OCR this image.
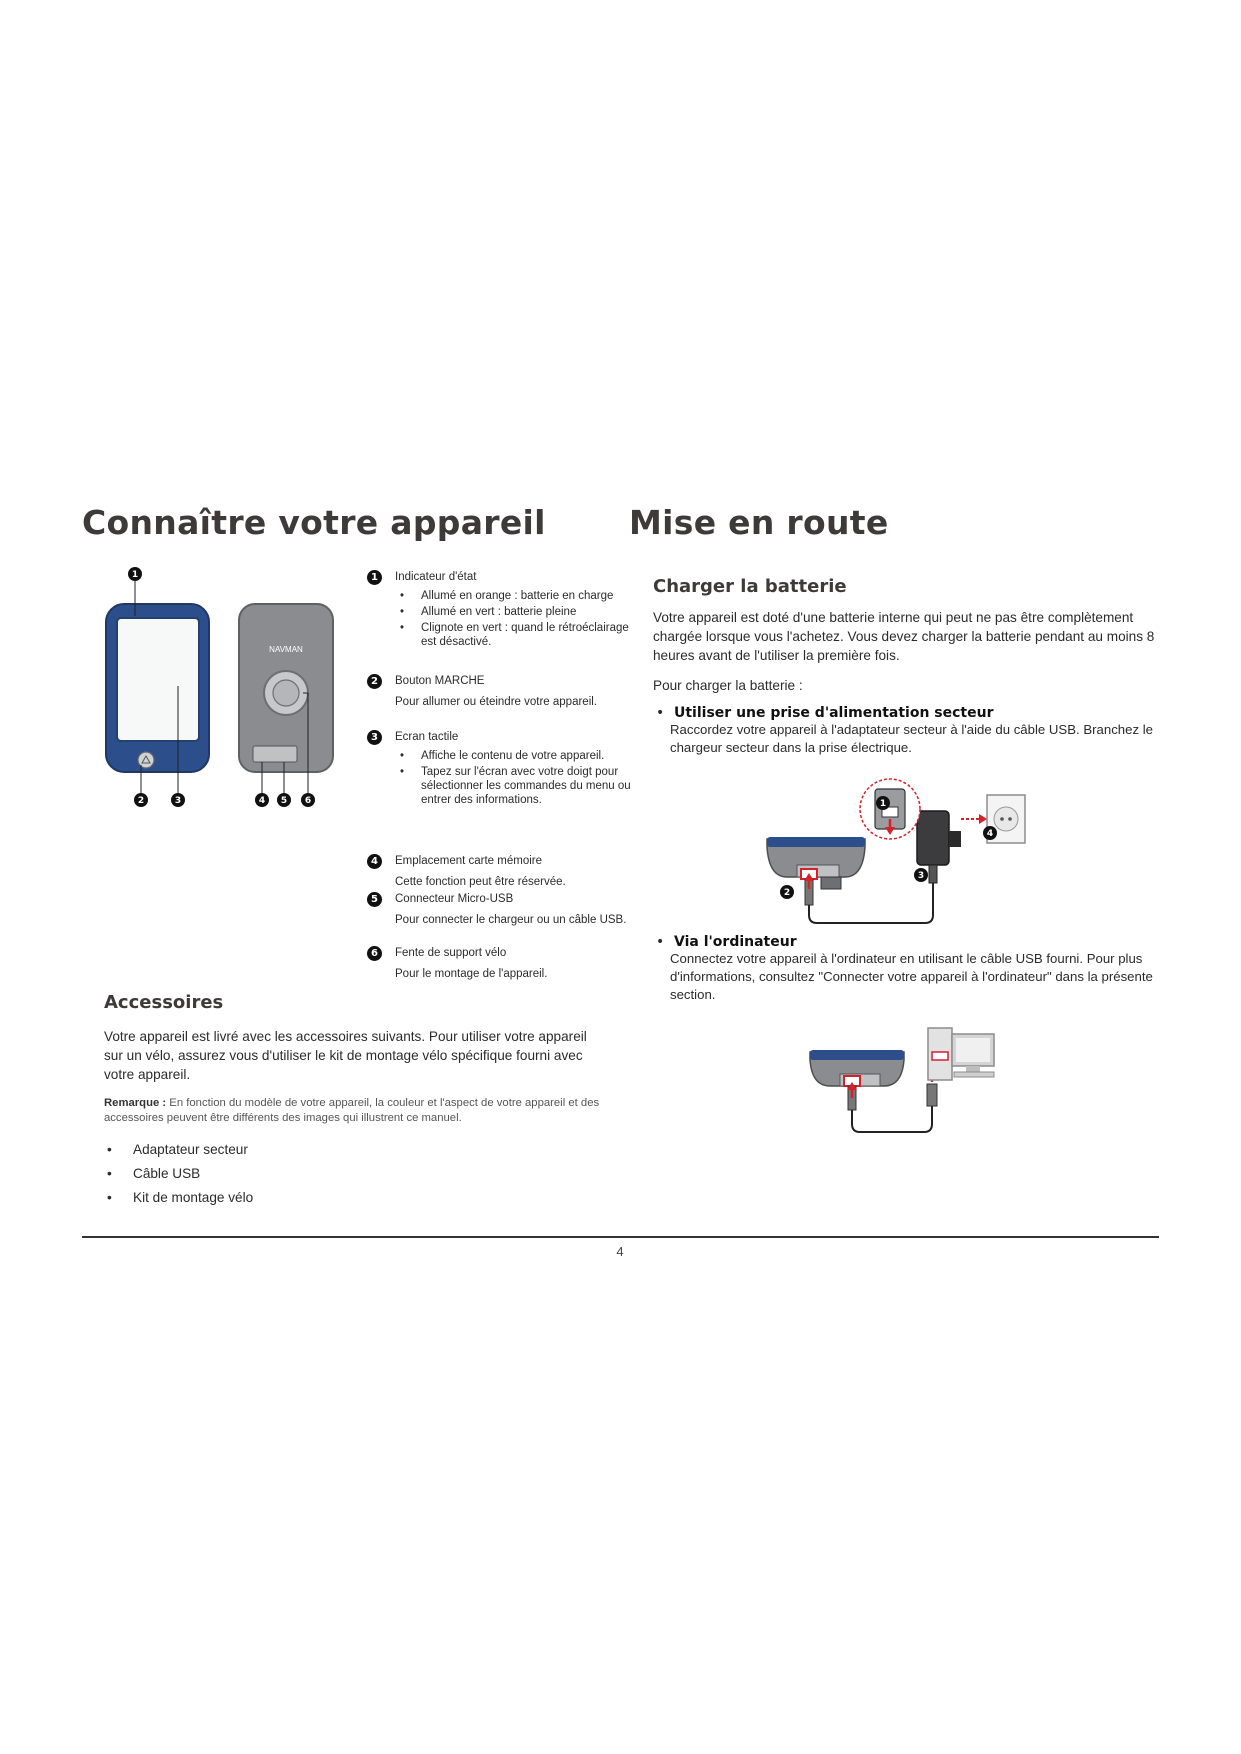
Connaître votre appareil
NAVMAN
1
2	3	4 5 6
1	Indicateur d'état
• Allumé en orange : batterie en charge
• Allumé en vert : batterie pleine
• Clignote en vert : quand le rétroéclairage est désactivé.
2	Bouton MARCHE
Pour allumer ou éteindre votre appareil.
3	Ecran tactile
• Affiche le contenu de votre appareil.
• Tapez sur l'écran avec votre doigt pour sélectionner les commandes du menu ou entrer des informations.
4	Emplacement carte mémoire
Cette fonction peut être réservée.
5	Connecteur Micro-USB
Pour connecter le chargeur ou un câble USB.
6	Fente de support vélo
Pour le montage de l'appareil.
Accessoires

Votre appareil est livré avec les accessoires suivants. Pour utiliser votre appareil sur un vélo, assurez vous d'utiliser le kit de montage vélo spécifique fourni avec votre appareil.

Remarque : En fonction du modèle de votre appareil, la couleur et l'aspect de votre appareil et des accessoires peuvent être différents des images qui illustrent ce manuel.
• Adaptateur secteur
• Câble USB
• Kit de montage vélo
Mise en route
Charger la batterie

Votre appareil est doté d'une batterie interne qui peut ne pas être complètement chargée lorsque vous l'achetez. Vous devez charger la batterie pendant au moins 8 heures avant de l'utiliser la première fois.

Pour charger la batterie :

• Utiliser une prise d'alimentation secteur

Raccordez votre appareil à l'adaptateur secteur à l'aide du câble USB. Branchez le chargeur secteur dans la prise électrique.

1
2
3
4
• Via l'ordinateur

Connectez votre appareil à l'ordinateur en utilisant le câble USB fourni. Pour plus d'informations, consultez "Connecter votre appareil à l'ordinateur" dans la présente section.

4
